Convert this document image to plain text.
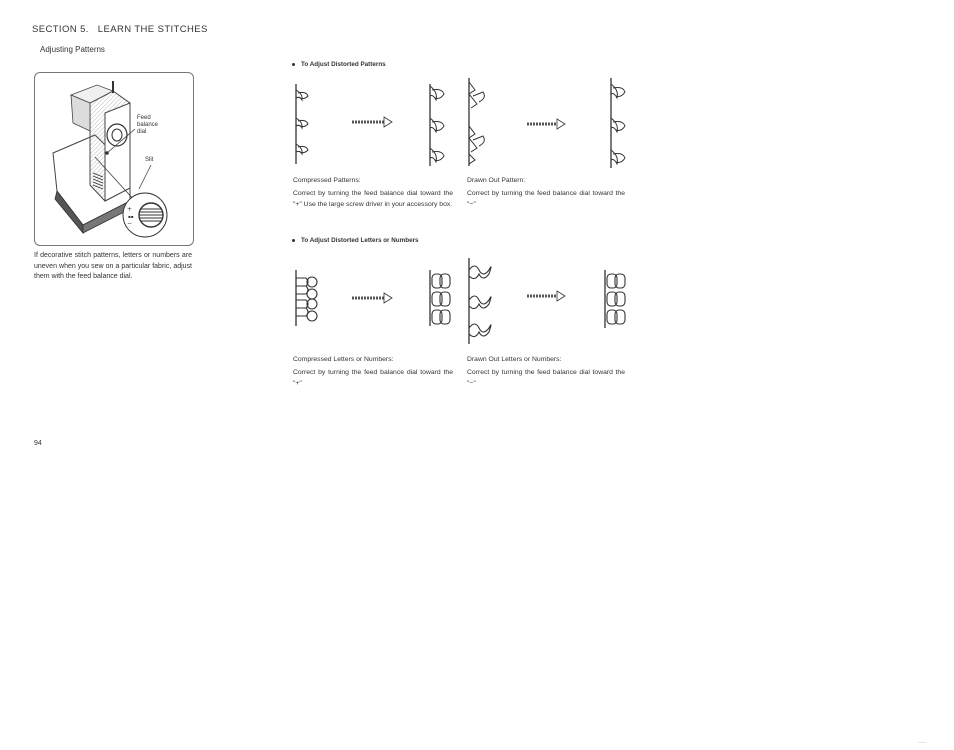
SECTION 5. LEARN THE STITCHES
Adjusting Patterns
+
▪▪
−
Feed
balance
dial
Slit
If decorative stitch patterns, letters or numbers are uneven when you sew on a particular fabric, adjust them with the feed balance dial.
To Adjust Distorted Patterns
Compressed Patterns:
Correct by turning the feed balance dial toward the "+" Use the large screw driver in your accessory box.
Drawn Out Pattern:
Correct by turning the feed balance dial toward the "−"
To Adjust Distorted Letters or Numbers
Compressed Letters or Numbers:
Correct by turning the feed balance dial toward the "+"
Drawn Out Letters or Numbers:
Correct by turning the feed balance dial toward the "−"
94
····
